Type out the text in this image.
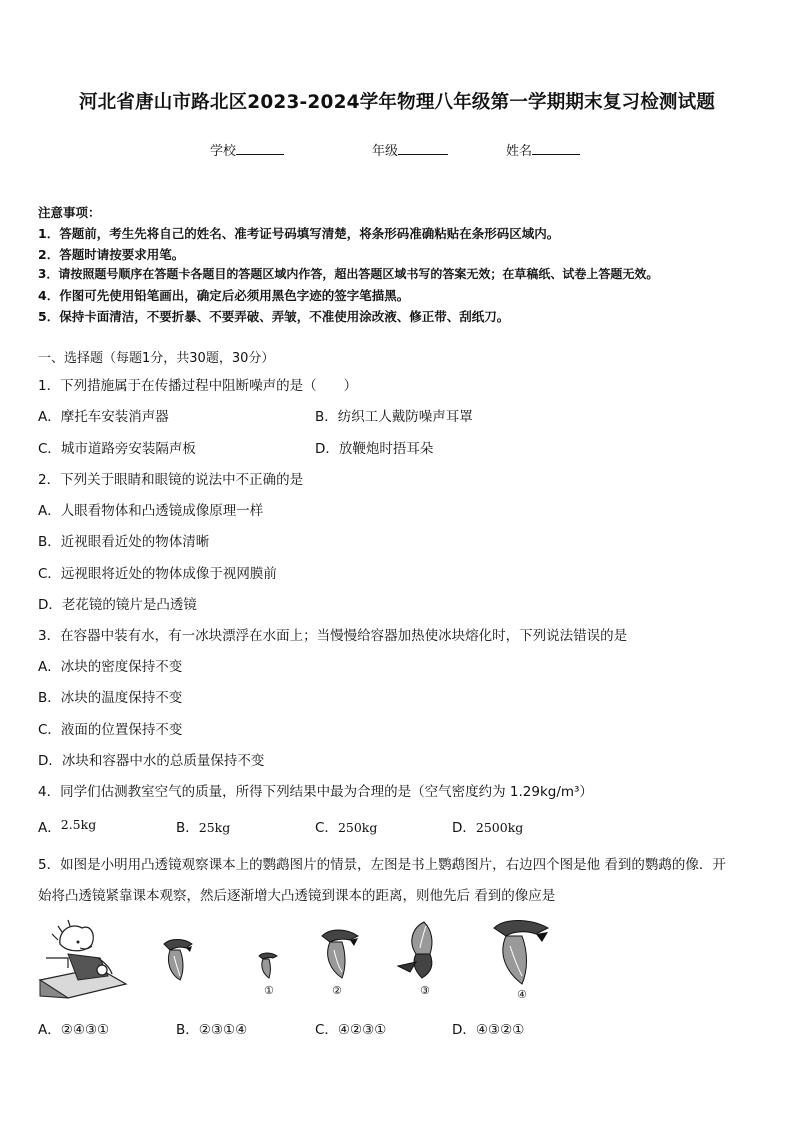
河北省唐山市路北区2023-2024学年物理八年级第一学期期末复习检测试题
学校	年级	姓名
注意事项：
1．答题前，考生先将自己的姓名、准考证号码填写清楚，将条形码准确粘贴在条形码区域内。
2．答题时请按要求用笔。
3．请按照题号顺序在答题卡各题目的答题区域内作答，超出答题区域书写的答案无效；在草稿纸、试卷上答题无效。
4．作图可先使用铅笔画出，确定后必须用黑色字迹的签字笔描黑。
5．保持卡面清洁，不要折暴、不要弄破、弄皱，不准使用涂改液、修正带、刮纸刀。
一、选择题（每题1分，共30题，30分）
1．下列措施属于在传播过程中阻断噪声的是（　　）
A．摩托车安装消声器	B．纺织工人戴防噪声耳罩
C．城市道路旁安装隔声板	D．放鞭炮时捂耳朵
2．下列关于眼睛和眼镜的说法中不正确的是
A．人眼看物体和凸透镜成像原理一样
B．近视眼看近处的物体清晰
C．远视眼将近处的物体成像于视网膜前
D．老花镜的镜片是凸透镜
3．在容器中装有水，有一冰块漂浮在水面上；当慢慢给容器加热使冰块熔化时，下列说法错误的是
A．冰块的密度保持不变
B．冰块的温度保持不变
C．液面的位置保持不变
D．冰块和容器中水的总质量保持不变
4．同学们估测教室空气的质量，所得下列结果中最为合理的是（空气密度约为 1.29kg/m³）
A．2.5kg	B．25kg	C．250kg	D．2500kg
5．如图是小明用凸透镜观察课本上的鹦鹉图片的情景，左图是书上鹦鹉图片，右边四个图是他 看到的鹦鹉的像．开
始将凸透镜紧靠课本观察，然后逐渐增大凸透镜到课本的距离，则他先后 看到的像应是
①	②	③	④
A．②④③①	B．②③①④	C．④②③①	D．④③②①
